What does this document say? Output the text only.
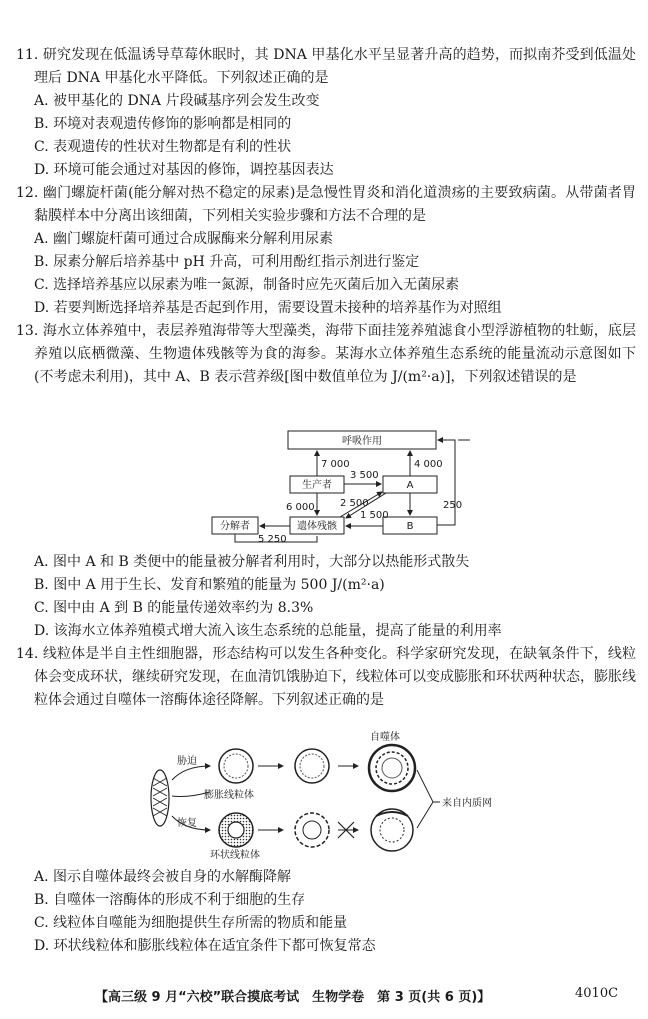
11. 研究发现在低温诱导草莓休眠时，其 DNA 甲基化水平呈显著升高的趋势，而拟南芥受到低温处理后 DNA 甲基化水平降低。下列叙述正确的是

A. 被甲基化的 DNA 片段碱基序列会发生改变

B. 环境对表观遗传修饰的影响都是相同的

C. 表观遗传的性状对生物都是有利的性状

D. 环境可能会通过对基因的修饰，调控基因表达

12. 幽门螺旋杆菌(能分解对热不稳定的尿素)是急慢性胃炎和消化道溃疡的主要致病菌。从带菌者胃黏膜样本中分离出该细菌，下列相关实验步骤和方法不合理的是

A. 幽门螺旋杆菌可通过合成脲酶来分解利用尿素

B. 尿素分解后培养基中 pH 升高，可利用酚红指示剂进行鉴定

C. 选择培养基应以尿素为唯一氮源，制备时应先灭菌后加入无菌尿素

D. 若要判断选择培养基是否起到作用，需要设置未接种的培养基作为对照组

13. 海水立体养殖中，表层养殖海带等大型藻类，海带下面挂笼养殖滤食小型浮游植物的牡蛎，底层养殖以底栖微藻、生物遗体残骸等为食的海参。某海水立体养殖生态系统的能量流动示意图如下(不考虑未利用)，其中 A、B 表示营养级[图中数值单位为 J/(m²·a)]，下列叙述错误的是

呼吸作用
生产者	A
B
遗体残骸
分解者
7 000
3 500
4 000
6 000	2 500
1 500
250
5 250

A. 图中 A 和 B 类便中的能量被分解者利用时，大部分以热能形式散失

B. 图中 A 用于生长、发育和繁殖的能量为 500 J/(m²·a)

C. 图中由 A 到 B 的能量传递效率约为 8.3%

D. 该海水立体养殖模式增大流入该生态系统的总能量，提高了能量的利用率

14. 线粒体是半自主性细胞器，形态结构可以发生各种变化。科学家研究发现，在缺氧条件下，线粒体会变成环状，继续研究发现，在血清饥饿胁迫下，线粒体可以变成膨胀和环状两种状态，膨胀线粒体会通过自噬体一溶酶体途径降解。下列叙述正确的是

胁迫
恢复
膨胀线粒体
环状线粒体
自噬体
来自内质网

A. 图示自噬体最终会被自身的水解酶降解

B. 自噬体一溶酶体的形成不利于细胞的生存

C. 线粒体自噬能为细胞提供生存所需的物质和能量

D. 环状线粒体和膨胀线粒体在适宜条件下都可恢复常态

【高三级 9 月“六校”联合摸底考试　生物学卷　第 3 页(共 6 页)】	4010C
